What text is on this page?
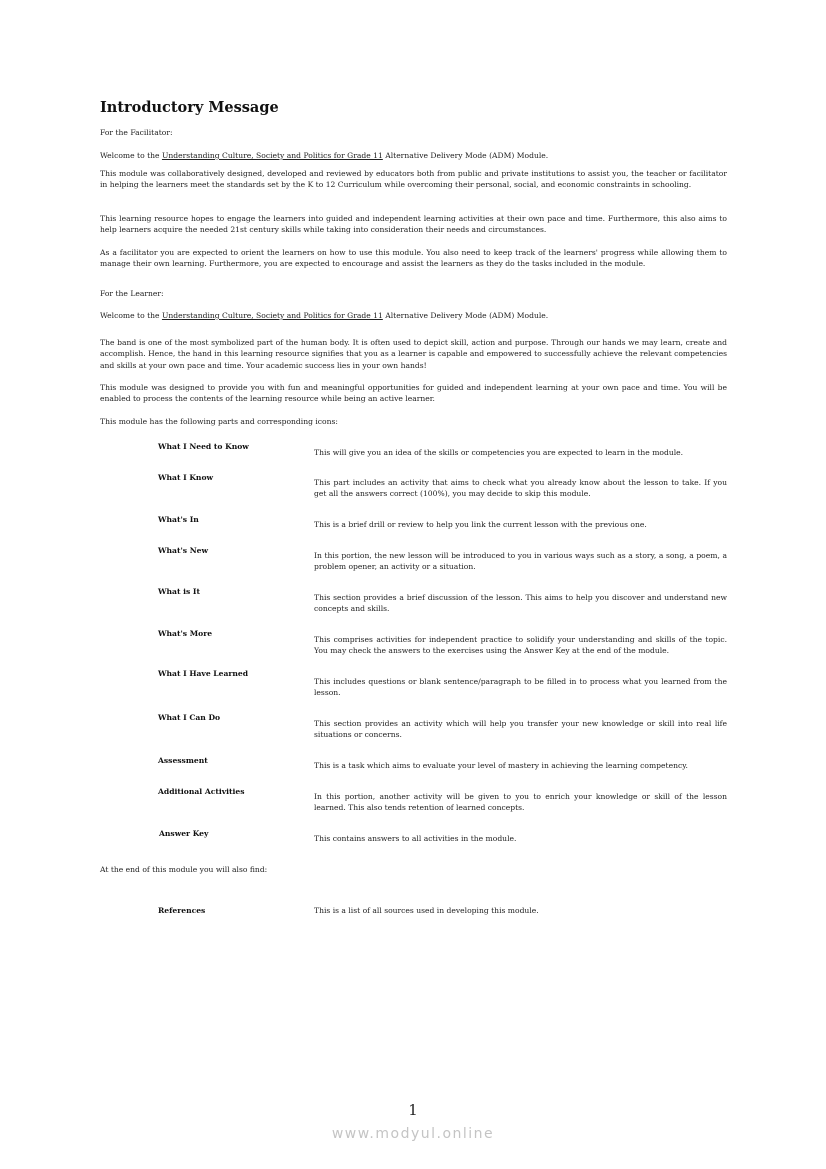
Introductory Message

For the Facilitator:

Welcome to the Understanding Culture, Society and Politics for Grade 11 Alternative Delivery Mode (ADM) Module.

This module was collaboratively designed, developed and reviewed by educators both from public and private institutions to assist you, the teacher or facilitator in helping the learners meet the standards set by the K to 12 Curriculum while overcoming their personal, social, and economic constraints in schooling.

This learning resource hopes to engage the learners into guided and independent learning activities at their own pace and time. Furthermore, this also aims to help learners acquire the needed 21st century skills while taking into consideration their needs and circumstances.

As a facilitator you are expected to orient the learners on how to use this module. You also need to keep track of the learners' progress while allowing them to manage their own learning. Furthermore, you are expected to encourage and assist the learners as they do the tasks included in the module.

For the Learner:

Welcome to the Understanding Culture, Society and Politics for Grade 11 Alternative Delivery Mode (ADM) Module.

The band is one of the most symbolized part of the human body. It is often used to depict skill, action and purpose. Through our hands we may learn, create and accomplish. Hence, the hand in this learning resource signifies that you as a learner is capable and empowered to successfully achieve the relevant competencies and skills at your own pace and time. Your academic success lies in your own hands!

This module was designed to provide you with fun and meaningful opportunities for guided and independent learning at your own pace and time. You will be enabled to process the contents of the learning resource while being an active learner.

This module has the following parts and corresponding icons:

What I Need to Know

This will give you an idea of the skills or competencies you are expected to learn in the module.

What I Know

This part includes an activity that aims to check what you already know about the lesson to take. If you get all the answers correct (100%), you may decide to skip this module.

What's In

This is a brief drill or review to help you link the current lesson with the previous one.

What's New

In this portion, the new lesson will be introduced to you in various ways such as a story, a song, a poem, a problem opener, an activity or a situation.

What is It

This section provides a brief discussion of the lesson. This aims to help you discover and understand new concepts and skills.

What's More

This comprises activities for independent practice to solidify your understanding and skills of the topic. You may check the answers to the exercises using the Answer Key at the end of the module.

What I Have Learned

This includes questions or blank sentence/paragraph to be filled in to process what you learned from the lesson.

What I Can Do

This section provides an activity which will help you transfer your new knowledge or skill into real life situations or concerns.

Assessment

This is a task which aims to evaluate your level of mastery in achieving the learning competency.

Additional Activities

In this portion, another activity will be given to you to enrich your knowledge or skill of the lesson learned. This also tends retention of learned concepts.

Answer Key

This contains answers to all activities in the module.

At the end of this module you will also find:

References	This is a list of all sources used in developing this module.

1
www.modyul.online
